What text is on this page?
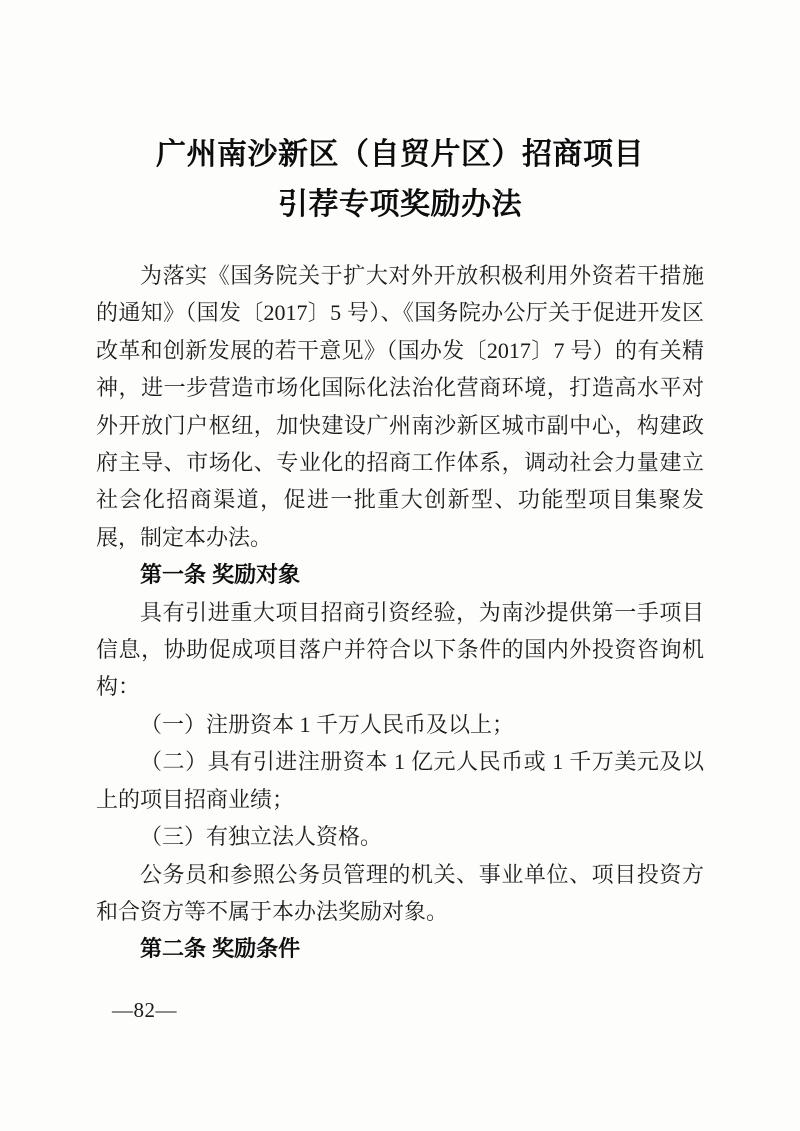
广州南沙新区（自贸片区）招商项目
引荐专项奖励办法

为落实《国务院关于扩大对外开放积极利用外资若干措施的通知》（国发〔2017〕5 号）、《国务院办公厅关于促进开发区改革和创新发展的若干意见》（国办发〔2017〕7 号）的有关精神，进一步营造市场化国际化法治化营商环境，打造高水平对外开放门户枢纽，加快建设广州南沙新区城市副中心，构建政府主导、市场化、专业化的招商工作体系，调动社会力量建立社会化招商渠道，促进一批重大创新型、功能型项目集聚发展，制定本办法。

第一条 奖励对象

具有引进重大项目招商引资经验，为南沙提供第一手项目信息，协助促成项目落户并符合以下条件的国内外投资咨询机构：

（一）注册资本 1 千万人民币及以上；

（二）具有引进注册资本 1 亿元人民币或 1 千万美元及以上的项目招商业绩；

（三）有独立法人资格。

公务员和参照公务员管理的机关、事业单位、项目投资方和合资方等不属于本办法奖励对象。

第二条 奖励条件

—82—
